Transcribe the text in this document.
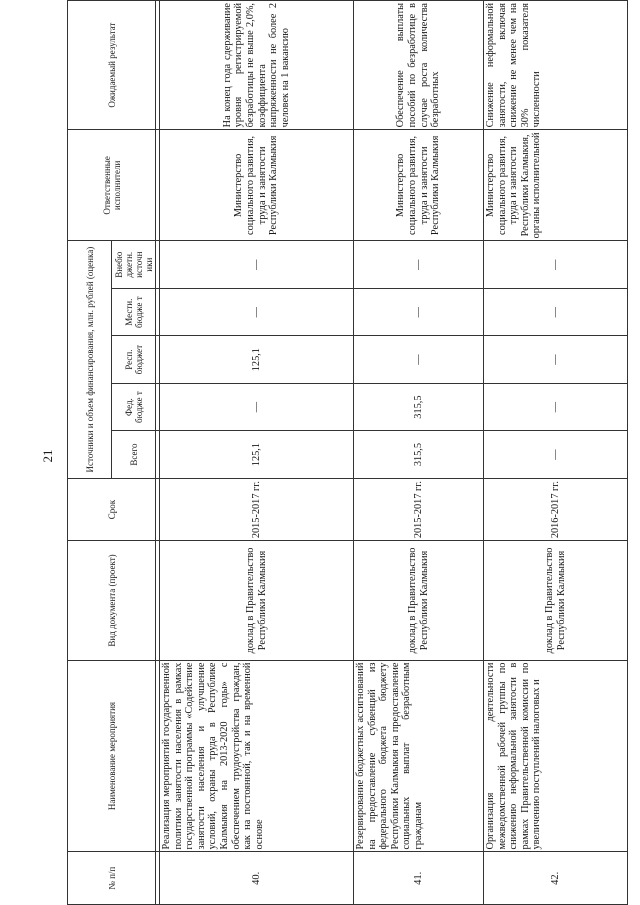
21
№ п/п	Наименование мероприятия	Вид документа (проект)	Срок	Источники и объем финансирования, млн. рублей (оценка)					Ответственные исполнители	Ожидаемый результат
				Всего	Фед. бюдже т	Респ. бюджет	Мести. бюдже т	Внебю джетн. источн ики		

40.	Реализация мероприятий государственной политики занятости населения в рамках государственной программы «Содействие занятости населения и улучшение условий, охраны труда в Республике Калмыкия на 2013-2020 годы» с обеспечением трудоустройства граждан, как на постоянной, так и на временной основе	доклад в Правительство Республики Калмыкия	2015-2017 гг.	125,1	—	125,1	—	—	Министерство социального развития, труда и занятости Республики Калмыкия	На конец года сдерживание уровня регистрируемой безработицы не выше 2,0%, коэффициента напряженности не более 2 человек на 1 вакансию
41.	Резервирование бюджетных ассигнований на предоставление субвенций из федерального бюджета бюджету Республики Калмыкия на предоставление социальных выплат безработным гражданам	доклад в Правительство Республики Калмыкия	2015-2017 гг.	315,5	315,5	—	—	—	Министерство социального развития, труда и занятости Республики Калмыкия	Обеспечение выплаты пособий по безработице в случае роста количества безработных
42.	Организация деятельности межведомственной рабочей группы по снижению неформальной занятости в рамках Правительственной комиссии по увеличению поступлений налоговых и	доклад в Правительство Республики Калмыкия	2016-2017 гг.	—	—	—	—	—	Министерство социального развития, труда и занятости Республики Калмыкия, органы исполнительной	Снижение неформальной занятости, включая снижение не менее чем на 30% показателя численности
